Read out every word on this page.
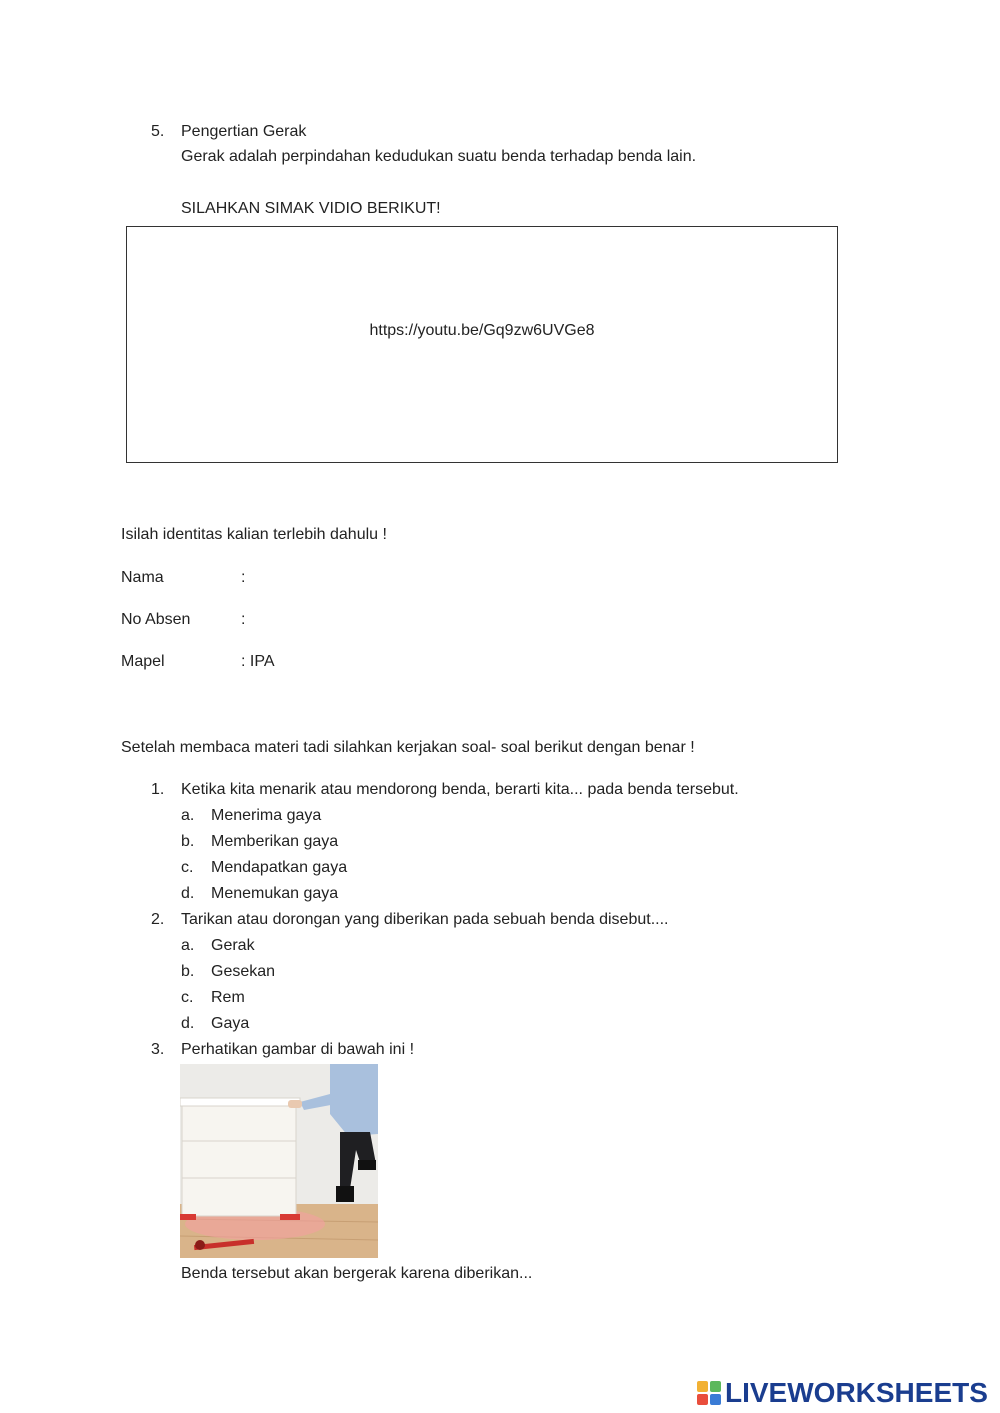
5. Pengertian Gerak
Gerak adalah perpindahan kedudukan suatu benda terhadap benda lain.
SILAHKAN SIMAK VIDIO BERIKUT!
https://youtu.be/Gq9zw6UVGe8
Isilah identitas kalian terlebih dahulu !
Nama	:
No Absen	:
Mapel	: IPA
Setelah membaca materi tadi silahkan kerjakan soal- soal berikut dengan benar !
1. Ketika kita menarik atau mendorong benda, berarti kita... pada benda tersebut.
a. Menerima gaya
b. Memberikan gaya
c. Mendapatkan gaya
d. Menemukan gaya
2. Tarikan atau dorongan yang diberikan pada sebuah benda disebut....
a. Gerak
b. Gesekan
c. Rem
d. Gaya
3. Perhatikan gambar di bawah ini !
Benda tersebut akan bergerak karena diberikan...
LIVEWORKSHEETS
